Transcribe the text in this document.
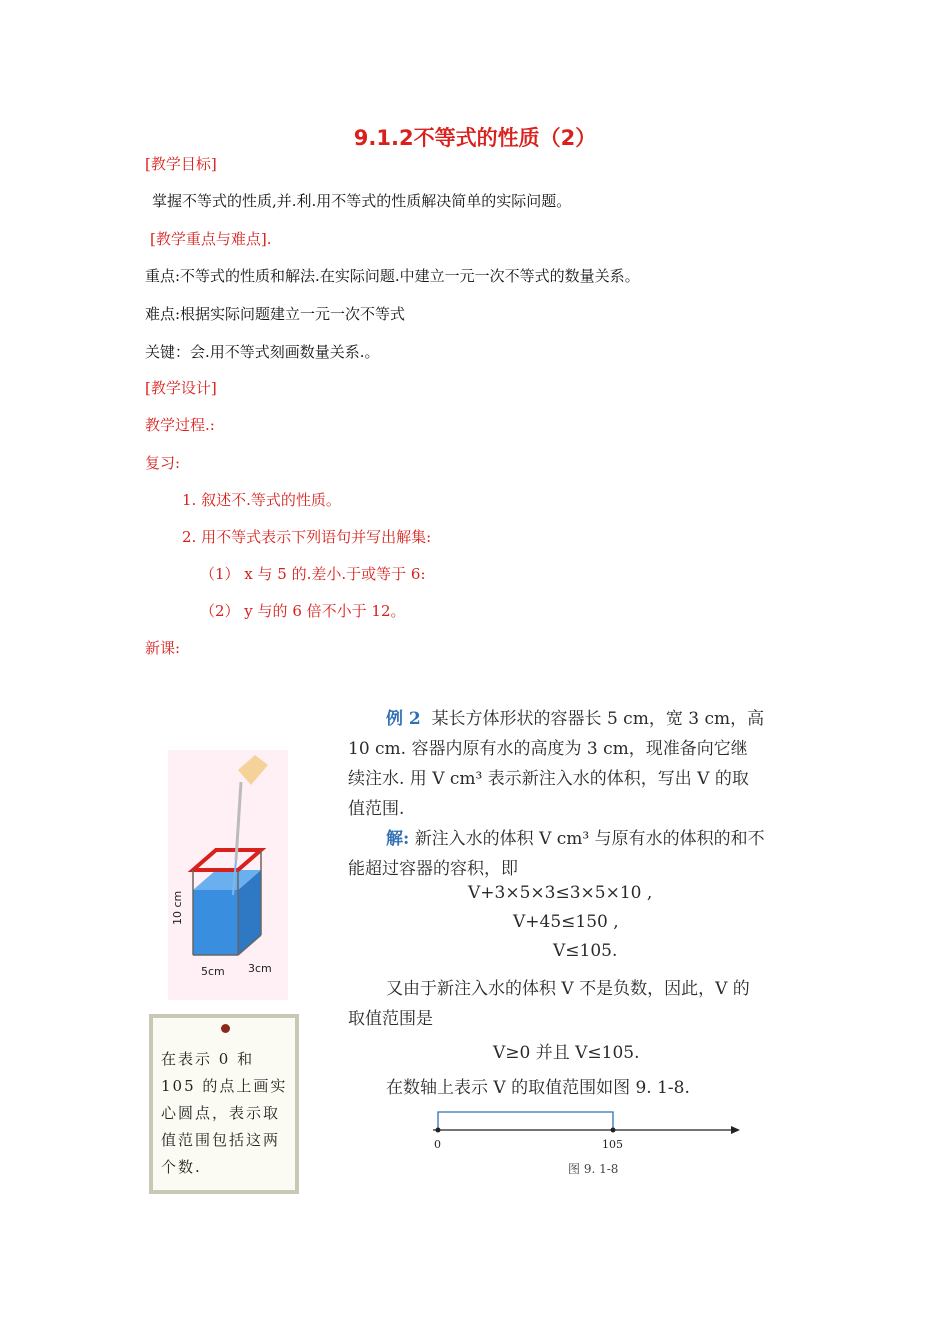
9.1.2不等式的性质（2）
[教学目标]
掌握不等式的性质,并.利.用不等式的性质解决简单的实际问题。
[教学重点与难点].
重点:不等式的性质和解法.在实际问题.中建立一元一次不等式的数量关系。
难点:根据实际问题建立一元一次不等式
关键：会.用不等式刻画数量关系.。
[教学设计]
教学过程.:
复习:
1. 叙述不.等式的性质。
2. 用不等式表示下列语句并写出解集:
（1） x 与 5 的.差小.于或等于 6:
（2） y 与的 6 倍不小于 12。
新课:
10 cm
5cm 3cm
在表示 0 和 105 的点上画实心圆点，表示取值范围包括这两个数.
例 2 某长方体形状的容器长 5 cm，宽 3 cm，高
10 cm. 容器内原有水的高度为 3 cm，现准备向它继
续注水. 用 V cm³ 表示新注入水的体积，写出 V 的取
值范围.
解: 新注入水的体积 V cm³ 与原有水的体积的和不
能超过容器的容积，即
V+3×5×3≤3×5×10 ,
V+45≤150 ,
V≤105.
又由于新注入水的体积 V 不是负数，因此，V 的
取值范围是
V≥0 并且 V≤105.
在数轴上表示 V 的取值范围如图 9. 1-8.
0	105
图 9. 1-8
